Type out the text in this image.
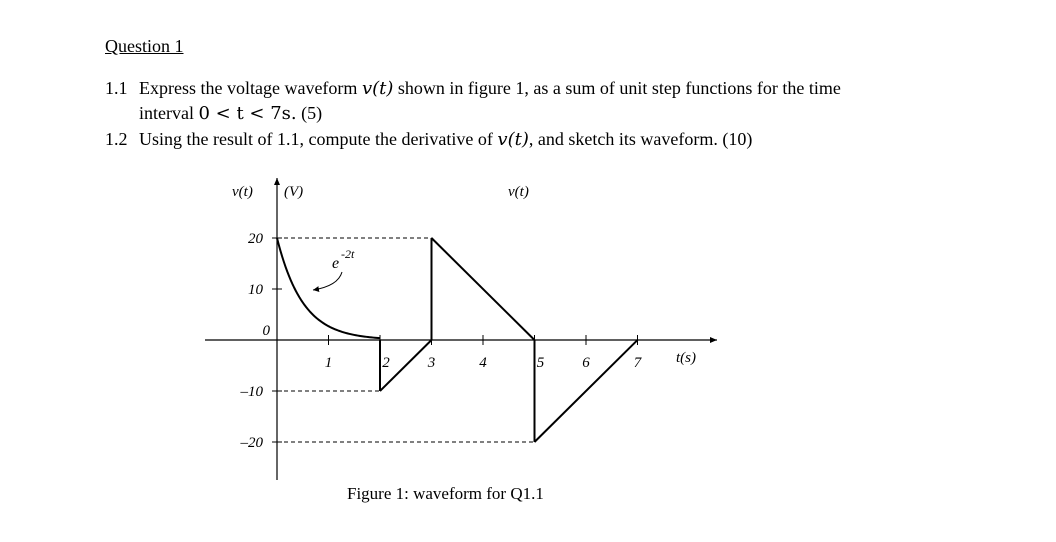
Question 1
1.1 Express the voltage waveform v(t) shown in figure 1, as a sum of unit step functions for the time
interval 0 < t < 7s. (5)
1.2 Using the result of 1.1, compute the derivative of v(t), and sketch its waveform. (10)
1	2	3	4	5	6	7
20
10
0
–10
–20
v(t) (V)	v(t)
t(s)
e
-2t
Figure 1: waveform for Q1.1
